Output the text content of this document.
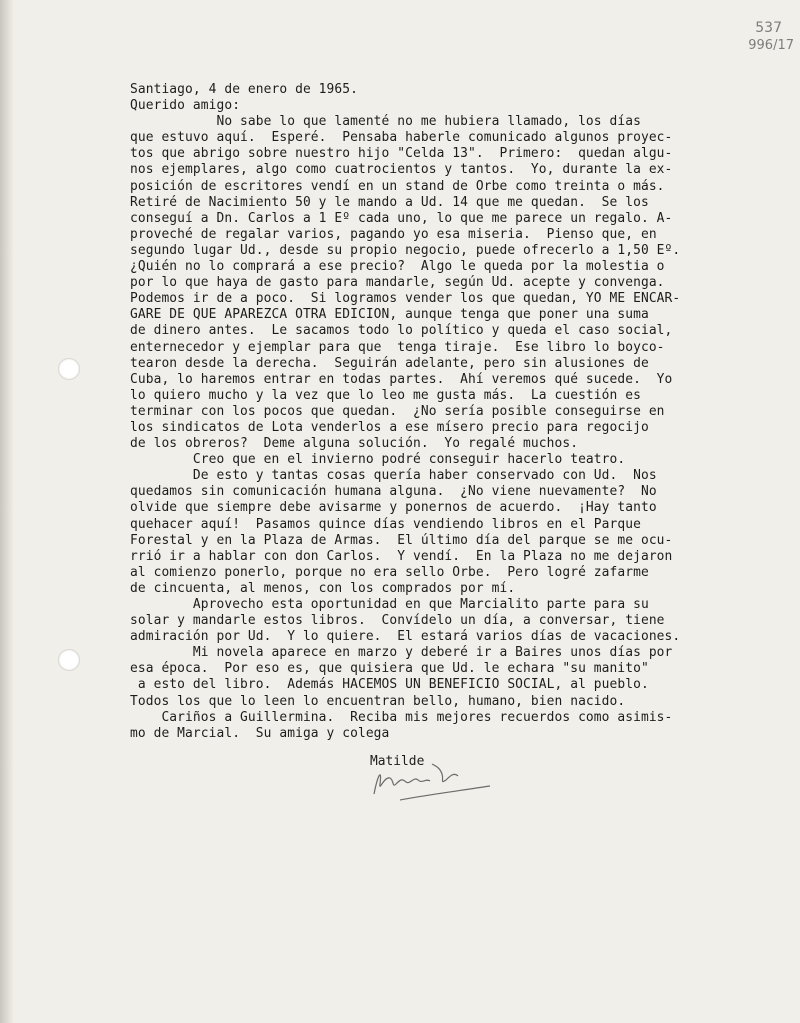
537
996/17
Santiago, 4 de enero de 1965.
Querido amigo:
No sabe lo que lamenté no me hubiera llamado, los días
que estuvo aquí.  Esperé.  Pensaba haberle comunicado algunos proyec-
tos que abrigo sobre nuestro hijo "Celda 13".  Primero:  quedan algu-
nos ejemplares, algo como cuatrocientos y tantos.  Yo, durante la ex-
posición de escritores vendí en un stand de Orbe como treinta o más.
Retiré de Nacimiento 50 y le mando a Ud. 14 que me quedan.  Se los
conseguí a Dn. Carlos a 1 Eº cada uno, lo que me parece un regalo. A-
proveché de regalar varios, pagando yo esa miseria.  Pienso que, en
segundo lugar Ud., desde su propio negocio, puede ofrecerlo a 1,50 Eº.
¿Quién no lo comprará a ese precio?  Algo le queda por la molestia o
por lo que haya de gasto para mandarle, según Ud. acepte y convenga.
Podemos ir de a poco.  Si logramos vender los que quedan, YO ME ENCAR-
GARE DE QUE APAREZCA OTRA EDICION, aunque tenga que poner una suma
de dinero antes.  Le sacamos todo lo político y queda el caso social,
enternecedor y ejemplar para que  tenga tiraje.  Ese libro lo boyco-
tearon desde la derecha.  Seguirán adelante, pero sin alusiones de
Cuba, lo haremos entrar en todas partes.  Ahí veremos qué sucede.  Yo
lo quiero mucho y la vez que lo leo me gusta más.  La cuestión es
terminar con los pocos que quedan.  ¿No sería posible conseguirse en
los sindicatos de Lota venderlos a ese mísero precio para regocijo
de los obreros?  Deme alguna solución.  Yo regalé muchos.
Creo que en el invierno podré conseguir hacerlo teatro.
De esto y tantas cosas quería haber conservado con Ud.  Nos
quedamos sin comunicación humana alguna.  ¿No viene nuevamente?  No
olvide que siempre debe avisarme y ponernos de acuerdo.  ¡Hay tanto
quehacer aquí!  Pasamos quince días vendiendo libros en el Parque
Forestal y en la Plaza de Armas.  El último día del parque se me ocu-
rrió ir a hablar con don Carlos.  Y vendí.  En la Plaza no me dejaron
al comienzo ponerlo, porque no era sello Orbe.  Pero logré zafarme
de cincuenta, al menos, con los comprados por mí.
Aprovecho esta oportunidad en que Marcialito parte para su
solar y mandarle estos libros.  Convídelo un día, a conversar, tiene
admiración por Ud.  Y lo quiere.  El estará varios días de vacaciones.
Mi novela aparece en marzo y deberé ir a Baires unos días por
esa época.  Por eso es, que quisiera que Ud. le echara "su manito"
a esto del libro.  Además HACEMOS UN BENEFICIO SOCIAL, al pueblo.
Todos los que lo leen lo encuentran bello, humano, bien nacido.
Cariños a Guillermina.  Reciba mis mejores recuerdos como asimis-
mo de Marcial.  Su amiga y colega
Matilde
